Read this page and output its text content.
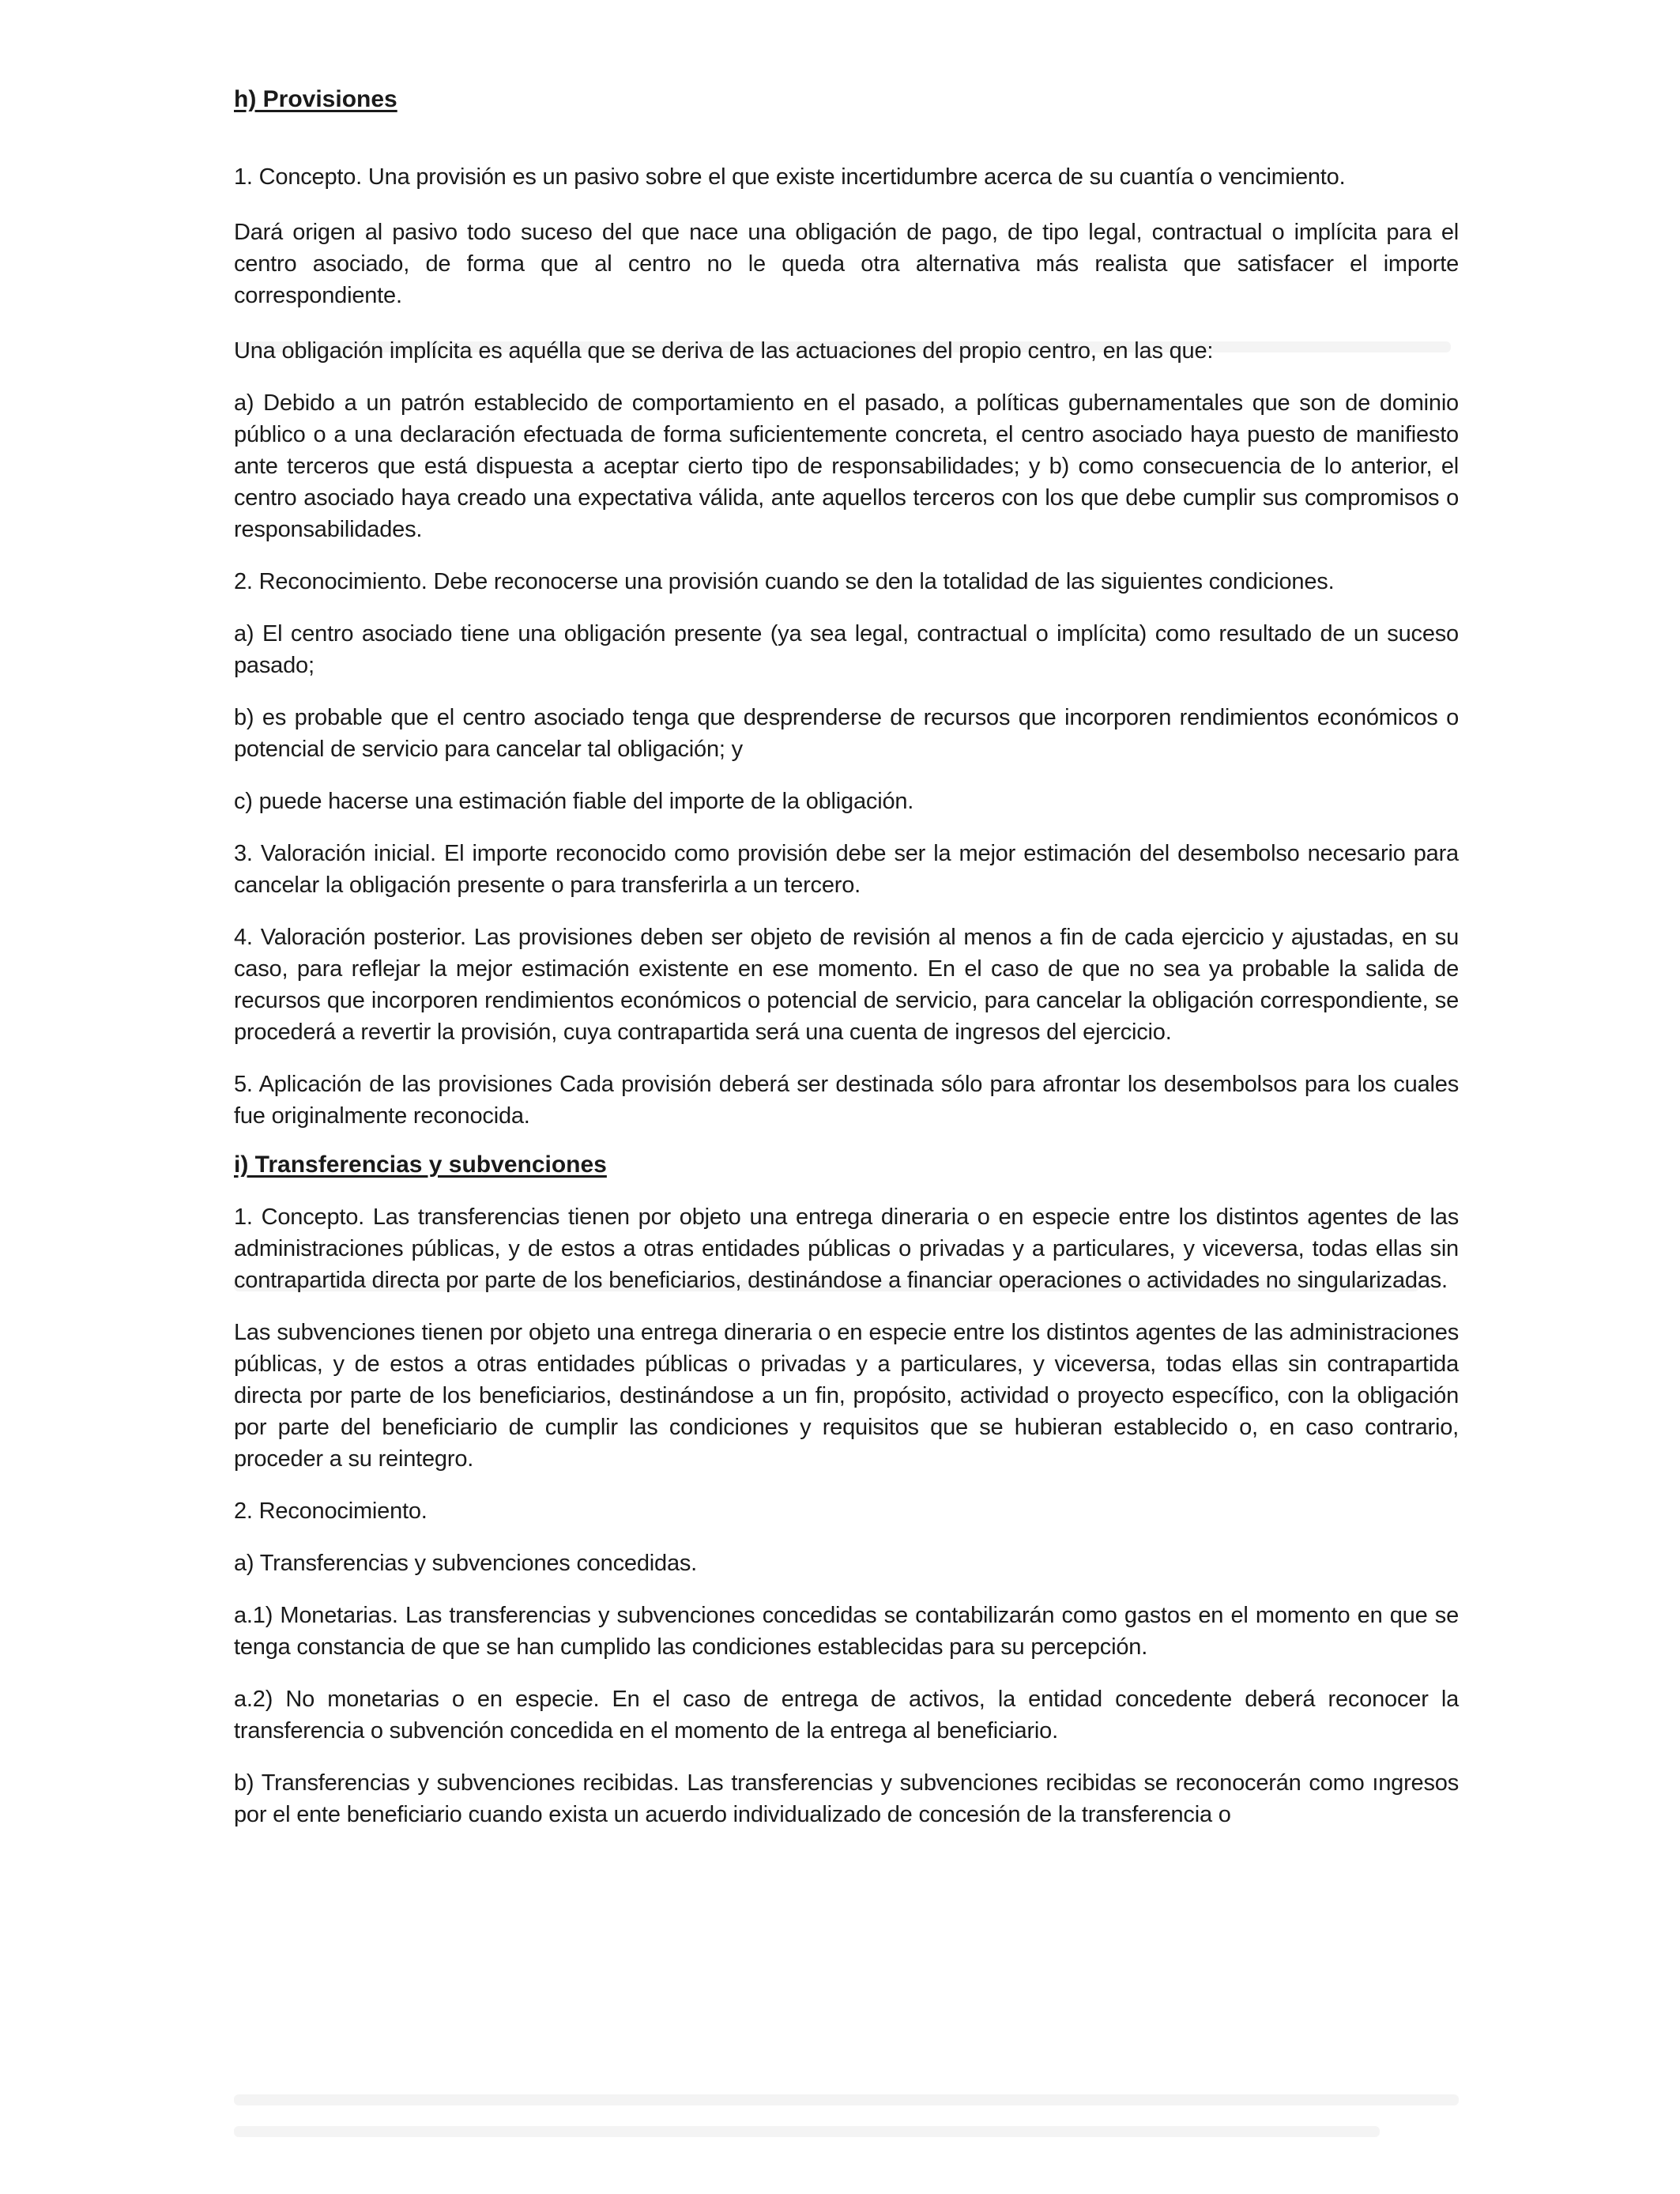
h) Provisiones

1. Concepto. Una provisión es un pasivo sobre el que existe incertidumbre acerca de su cuantía o vencimiento.

Dará origen al pasivo todo suceso del que nace una obligación de pago, de tipo legal, contractual o implícita para el centro asociado, de forma que al centro no le queda otra alternativa más realista que satisfacer el importe correspondiente.

Una obligación implícita es aquélla que se deriva de las actuaciones del propio centro, en las que:

a) Debido a un patrón establecido de comportamiento en el pasado, a políticas gubernamentales que son de dominio público o a una declaración efectuada de forma suficientemente concreta, el centro asociado haya puesto de manifiesto ante terceros que está dispuesta a aceptar cierto tipo de responsabilidades; y b) como consecuencia de lo anterior, el centro asociado haya creado una expectativa válida, ante aquellos terceros con los que debe cumplir sus compromisos o responsabilidades.

2. Reconocimiento. Debe reconocerse una provisión cuando se den la totalidad de las siguientes condiciones.

a) El centro asociado tiene una obligación presente (ya sea legal, contractual o implícita) como resultado de un suceso pasado;

b) es probable que el centro asociado tenga que desprenderse de recursos que incorporen rendimientos económicos o potencial de servicio para cancelar tal obligación; y

c) puede hacerse una estimación fiable del importe de la obligación.

3. Valoración inicial. El importe reconocido como provisión debe ser la mejor estimación del desembolso necesario para cancelar la obligación presente o para transferirla a un tercero.

4. Valoración posterior. Las provisiones deben ser objeto de revisión al menos a fin de cada ejercicio y ajustadas, en su caso, para reflejar la mejor estimación existente en ese momento. En el caso de que no sea ya probable la salida de recursos que incorporen rendimientos económicos o potencial de servicio, para cancelar la obligación correspondiente, se procederá a revertir la provisión, cuya contrapartida será una cuenta de ingresos del ejercicio.

5. Aplicación de las provisiones Cada provisión deberá ser destinada sólo para afrontar los desembolsos para los cuales fue originalmente reconocida.

i) Transferencias y subvenciones

1. Concepto. Las transferencias tienen por objeto una entrega dineraria o en especie entre los distintos agentes de las administraciones públicas, y de estos a otras entidades públicas o privadas y a particulares, y viceversa, todas ellas sin contrapartida directa por parte de los beneficiarios, destinándose a financiar operaciones o actividades no singularizadas.

Las subvenciones tienen por objeto una entrega dineraria o en especie entre los distintos agentes de las administraciones públicas, y de estos a otras entidades públicas o privadas y a particulares, y viceversa, todas ellas sin contrapartida directa por parte de los beneficiarios, destinándose a un fin, propósito, actividad o proyecto específico, con la obligación por parte del beneficiario de cumplir las condiciones y requisitos que se hubieran establecido o, en caso contrario, proceder a su reintegro.

2. Reconocimiento.

a) Transferencias y subvenciones concedidas.

a.1) Monetarias. Las transferencias y subvenciones concedidas se contabilizarán como gastos en el momento en que se tenga constancia de que se han cumplido las condiciones establecidas para su percepción.

a.2) No monetarias o en especie. En el caso de entrega de activos, la entidad concedente deberá reconocer la transferencia o subvención concedida en el momento de la entrega al beneficiario.

b) Transferencias y subvenciones recibidas. Las transferencias y subvenciones recibidas se reconocerán como ıngresos por el ente beneficiario cuando exista un acuerdo individualizado de concesión de la transferencia o
